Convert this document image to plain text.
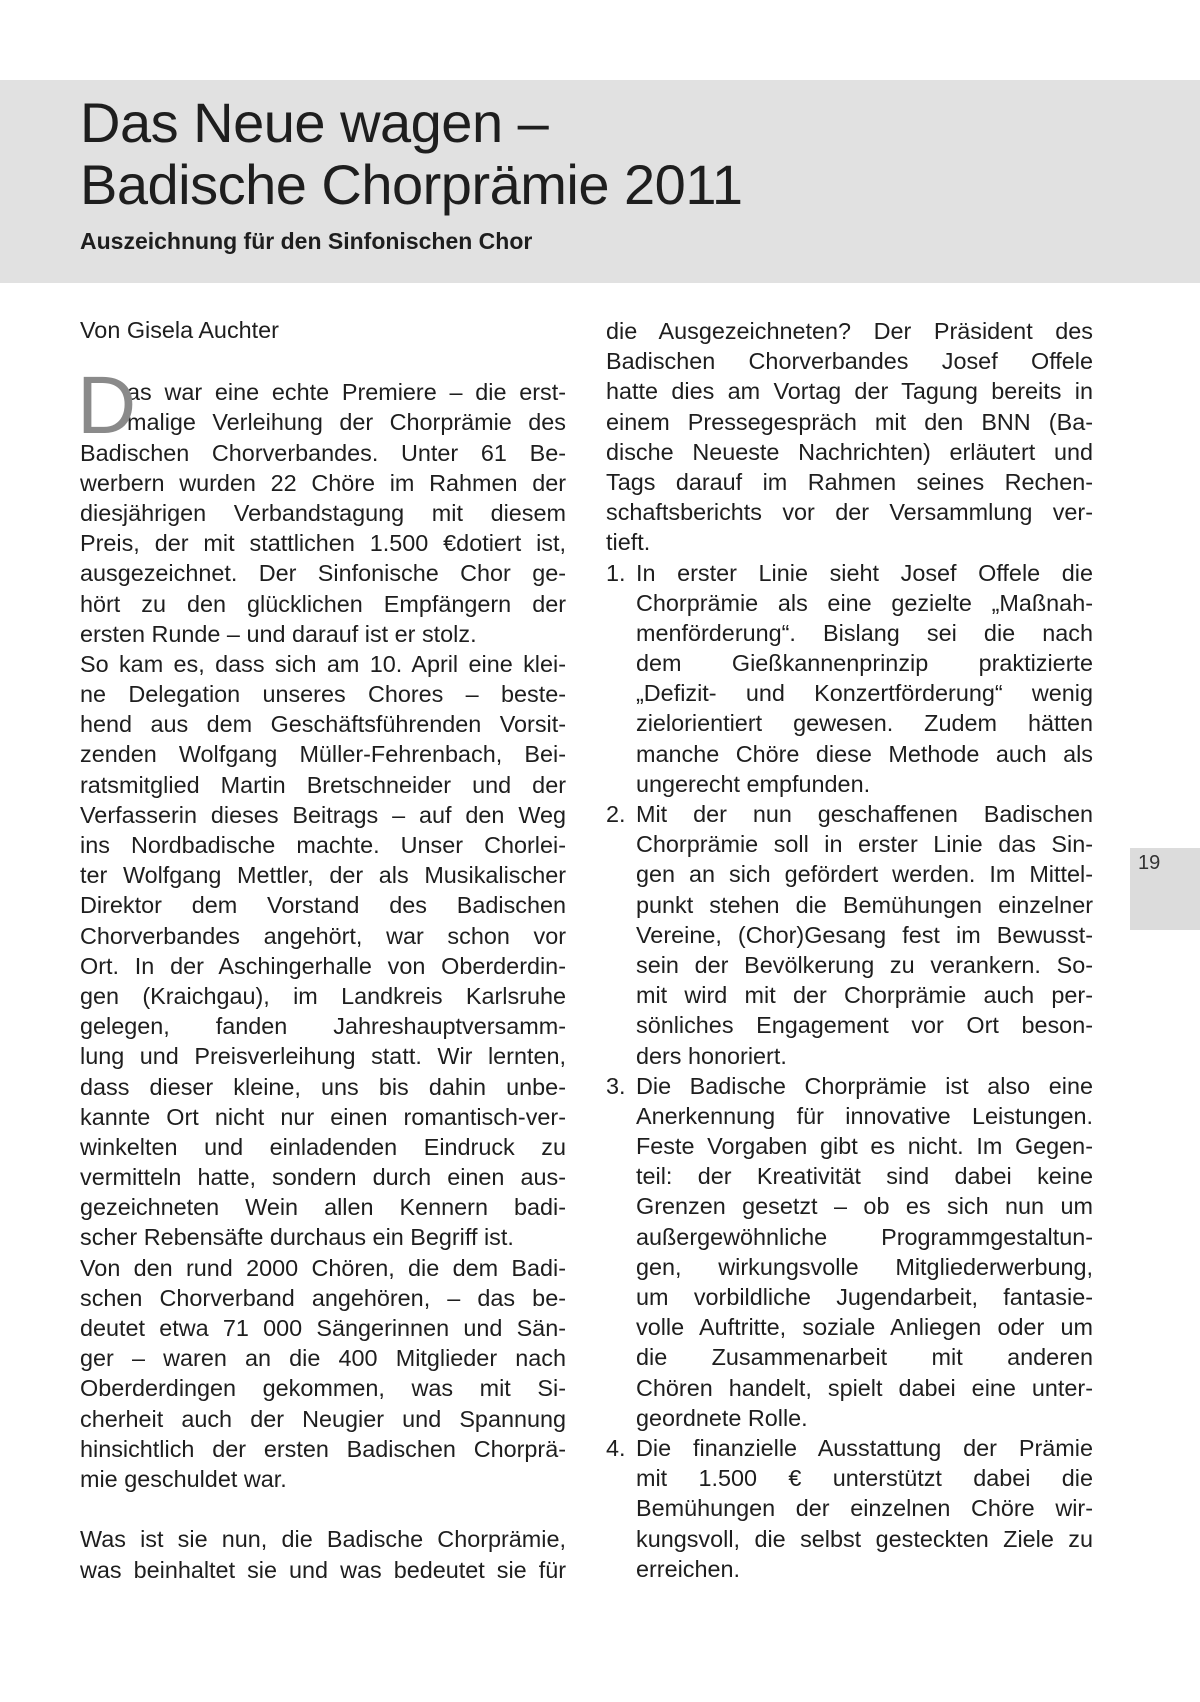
Das Neue wagen –
Badische Chorprämie 2011
Auszeichnung für den Sinfonischen Chor
19
Von Gisela Auchter
D
as war eine echte Premiere – die erst-
malige Verleihung der Chorprämie des
Badischen Chorverbandes. Unter 61 Be-
werbern wurden 22 Chöre im Rahmen der
diesjährigen Verbandstagung mit diesem
Preis, der mit stattlichen 1.500 €dotiert ist,
ausgezeichnet. Der Sinfonische Chor ge-
hört zu den glücklichen Empfängern der
ersten Runde – und darauf ist er stolz.
So kam es, dass sich am 10. April eine klei-
ne Delegation unseres Chores – beste-
hend aus dem Geschäftsführenden Vorsit-
zenden Wolfgang Müller-Fehrenbach, Bei-
ratsmitglied Martin Bretschneider und der
Verfasserin dieses Beitrags – auf den Weg
ins Nordbadische machte. Unser Chorlei-
ter Wolfgang Mettler, der als Musikalischer
Direktor dem Vorstand des Badischen
Chorverbandes angehört, war schon vor
Ort. In der Aschingerhalle von Oberderdin-
gen (Kraichgau), im Landkreis Karlsruhe
gelegen, fanden Jahreshauptversamm-
lung und Preisverleihung statt. Wir lernten,
dass dieser kleine, uns bis dahin unbe-
kannte Ort nicht nur einen romantisch-ver-
winkelten und einladenden Eindruck zu
vermitteln hatte, sondern durch einen aus-
gezeichneten Wein allen Kennern badi-
scher Rebensäfte durchaus ein Begriff ist.
Von den rund 2000 Chören, die dem Badi-
schen Chorverband angehören, – das be-
deutet etwa 71 000 Sängerinnen und Sän-
ger – waren an die 400 Mitglieder nach
Oberderdingen gekommen, was mit Si-
cherheit auch der Neugier und Spannung
hinsichtlich der ersten Badischen Chorprä-
mie geschuldet war.
Was ist sie nun, die Badische Chorprämie,
was beinhaltet sie und was bedeutet sie für
die Ausgezeichneten? Der Präsident des
Badischen Chorverbandes Josef Offele
hatte dies am Vortag der Tagung bereits in
einem Pressegespräch mit den BNN (Ba-
dische Neueste Nachrichten) erläutert und
Tags darauf im Rahmen seines Rechen-
schaftsberichts vor der Versammlung ver-
tieft.
1. In erster Linie sieht Josef Offele die
Chorprämie als eine gezielte „Maßnah-
menförderung“. Bislang sei die nach
dem Gießkannenprinzip praktizierte
„Defizit- und Konzertförderung“ wenig
zielorientiert gewesen. Zudem hätten
manche Chöre diese Methode auch als
ungerecht empfunden.
2. Mit der nun geschaffenen Badischen
Chorprämie soll in erster Linie das Sin-
gen an sich gefördert werden. Im Mittel-
punkt stehen die Bemühungen einzelner
Vereine, (Chor)Gesang fest im Bewusst-
sein der Bevölkerung zu verankern. So-
mit wird mit der Chorprämie auch per-
sönliches Engagement vor Ort beson-
ders honoriert.
3. Die Badische Chorprämie ist also eine
Anerkennung für innovative Leistungen.
Feste Vorgaben gibt es nicht. Im Gegen-
teil: der Kreativität sind dabei keine
Grenzen gesetzt – ob es sich nun um
außergewöhnliche Programmgestaltun-
gen, wirkungsvolle Mitgliederwerbung,
um vorbildliche Jugendarbeit, fantasie-
volle Auftritte, soziale Anliegen oder um
die Zusammenarbeit mit anderen
Chören handelt, spielt dabei eine unter-
geordnete Rolle.
4. Die finanzielle Ausstattung der Prämie
mit 1.500 € unterstützt dabei die
Bemühungen der einzelnen Chöre wir-
kungsvoll, die selbst gesteckten Ziele zu
erreichen.
